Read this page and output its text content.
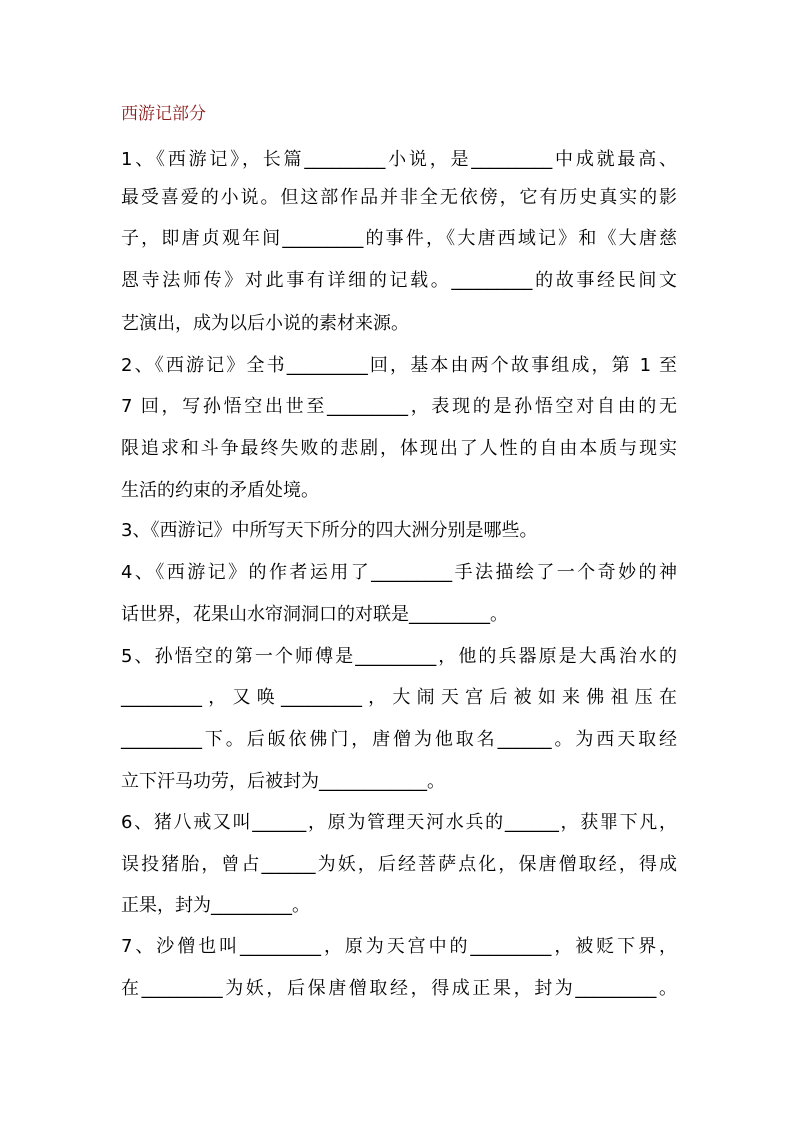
西游记部分
1、《西游记》，长篇_________小说，是_________中成就最高、
最受喜爱的小说。但这部作品并非全无依傍，它有历史真实的影
子，即唐贞观年间_________的事件，《大唐西域记》和《大唐慈
恩寺法师传》对此事有详细的记载。_________的故事经民间文
艺演出，成为以后小说的素材来源。
2、《西游记》全书_________回，基本由两个故事组成，第 1 至
7 回，写孙悟空出世至_________，表现的是孙悟空对自由的无
限追求和斗争最终失败的悲剧，体现出了人性的自由本质与现实
生活的约束的矛盾处境。
3、《西游记》中所写天下所分的四大洲分别是哪些。
4、《西游记》的作者运用了_________手法描绘了一个奇妙的神
话世界，花果山水帘洞洞口的对联是_________。
5、孙悟空的第一个师傅是_________，他的兵器原是大禹治水的
_________，又唤_________，大闹天宫后被如来佛祖压在
_________下。后皈依佛门，唐僧为他取名______。为西天取经
立下汗马功劳，后被封为____________。
6、猪八戒又叫______，原为管理天河水兵的______，获罪下凡，
误投猪胎，曾占______为妖，后经菩萨点化，保唐僧取经，得成
正果，封为_________。
7、沙僧也叫_________，原为天宫中的_________，被贬下界，
在_________为妖，后保唐僧取经，得成正果，封为_________。
